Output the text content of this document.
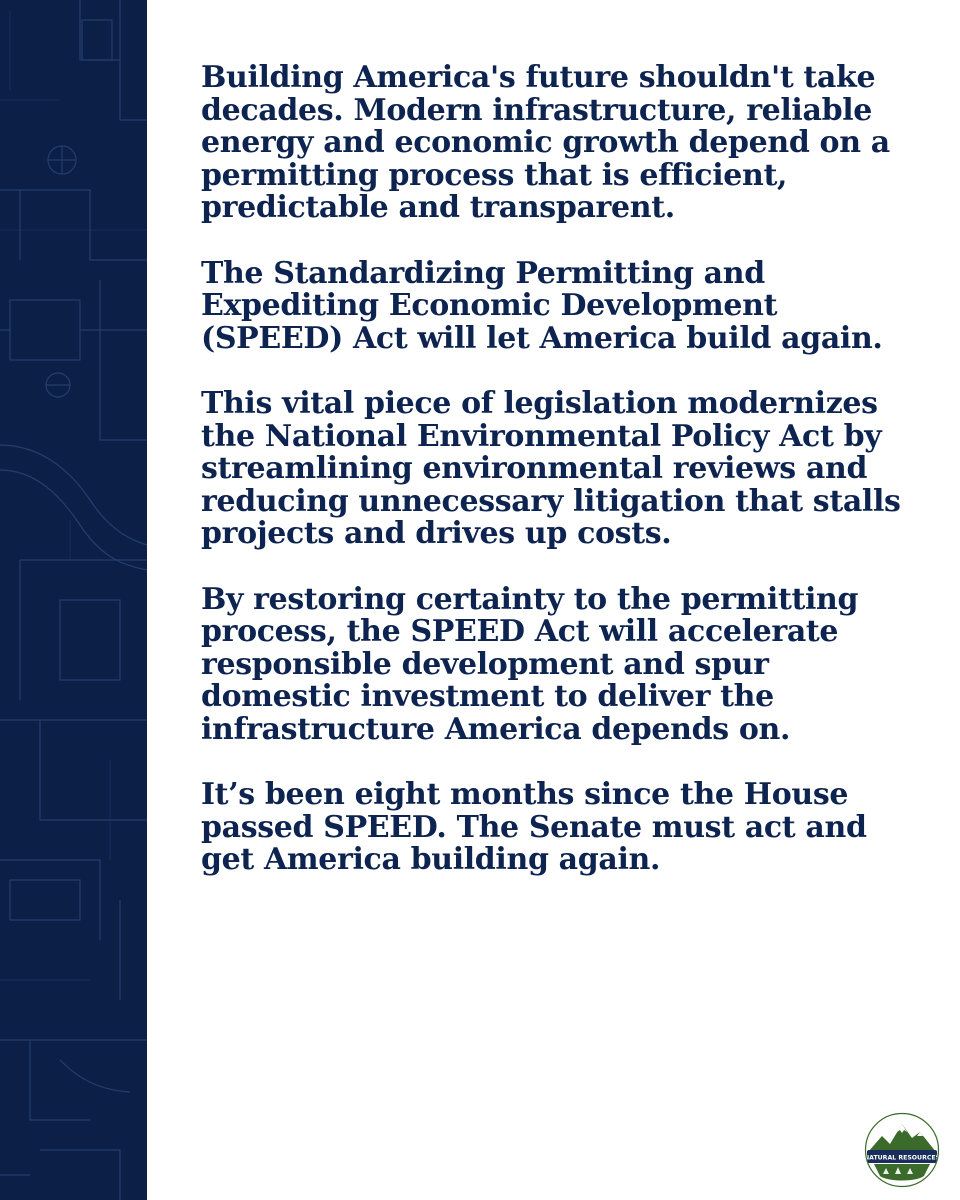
Building America's future shouldn't take decades. Modern infrastructure, reliable energy and economic growth depend on a permitting process that is efficient, predictable and transparent.

The Standardizing Permitting and Expediting Economic Development (SPEED) Act will let America build again.

This vital piece of legislation modernizes the National Environmental Policy Act by streamlining environmental reviews and reducing unnecessary litigation that stalls projects and drives up costs.

By restoring certainty to the permitting process, the SPEED Act will accelerate responsible development and spur domestic investment to deliver the infrastructure America depends on.

It’s been eight months since the House passed SPEED. The Senate must act and get America building again.

NATURAL RESOURCES
